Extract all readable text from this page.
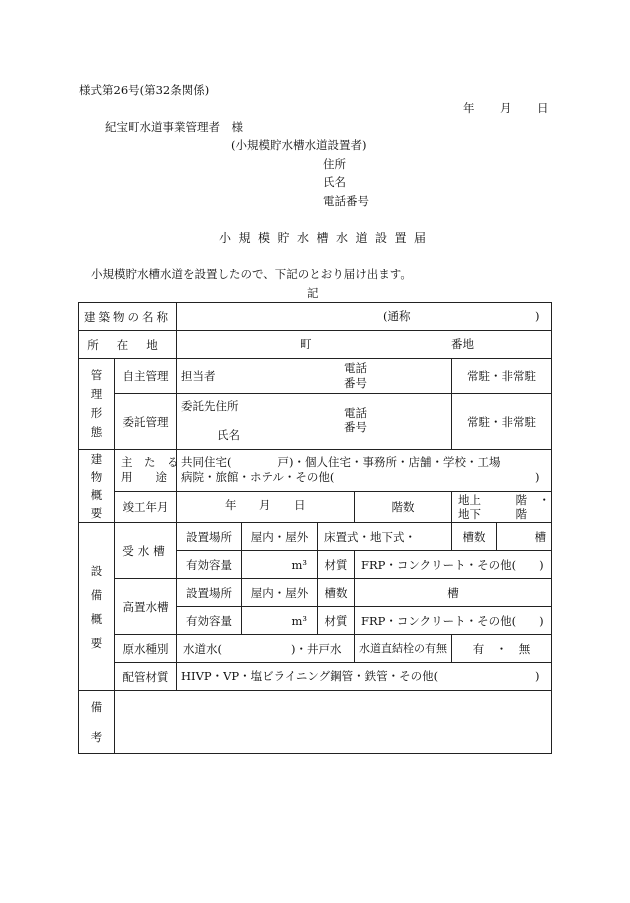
様式第26号(第32条関係)
年 月 日
紀宝町水道事業管理者　様
(小規模貯水槽水道設置者)
住所
氏名
電話番号
小規模貯水槽水道設置届
小規模貯水槽水道を設置したので、下記のとおり届け出ます。
記
建築物の名称		(通称 )					

所在地		町 番地					

管理形態	自主管理	担当者
電話
番号				常駐・非常駐	
	委託管理	委託先住所
氏名
電話
番号				常駐・非常駐	
建物概要	主　た　る
用　　途	共同住宅(　　　　戸)・個人住宅・事務所・店舗・学校・工場
病院・旅館・ホテル・その他( )					

	竣工年月	年 月 日			階数	地上　　　階　・　地下　　　階	
設備概要	受水槽	設置場所	屋内・屋外	床置式・地下式・		槽数	槽
		有効容量	m³	材質	FRP・コンクリート・その他(　　)		
	高置水槽	設置場所	屋内・屋外	槽数	槽		
		有効容量	m³	材質	FRP・コンクリート・その他(　　)		
	原水種別	水道水(　　　　　　)・井戸水			水道直結栓の有無	有　・　無	
	配管材質	HIVP・VP・塩ビライニング鋼管・鉄管・その他( )					

備考							
